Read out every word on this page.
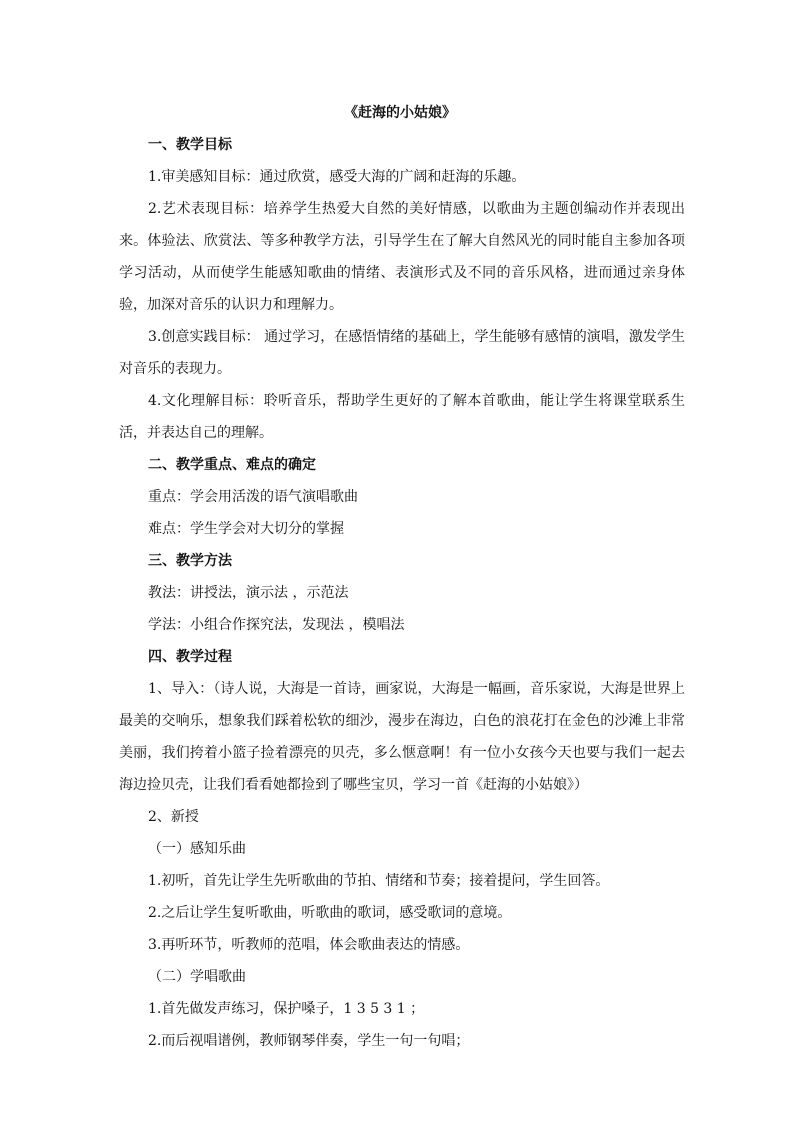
《赶海的小姑娘》

一、教学目标

1.审美感知目标：通过欣赏，感受大海的广阔和赶海的乐趣。

2.艺术表现目标：培养学生热爱大自然的美好情感，以歌曲为主题创编动作并表现出来。体验法、欣赏法、等多种教学方法，引导学生在了解大自然风光的同时能自主参加各项学习活动，从而使学生能感知歌曲的情绪、表演形式及不同的音乐风格，进而通过亲身体验，加深对音乐的认识力和理解力。

3.创意实践目标： 通过学习，在感悟情绪的基础上，学生能够有感情的演唱，激发学生对音乐的表现力。

4.文化理解目标：聆听音乐，帮助学生更好的了解本首歌曲，能让学生将课堂联系生活，并表达自己的理解。

二、教学重点、难点的确定

重点：学会用活泼的语气演唱歌曲

难点：学生学会对大切分的掌握

三、教学方法

教法：讲授法，演示法 ，示范法

学法：小组合作探究法，发现法 ，模唱法

四、教学过程

1、导入：（诗人说，大海是一首诗，画家说，大海是一幅画，音乐家说，大海是世界上最美的交响乐，想象我们踩着松软的细沙，漫步在海边，白色的浪花打在金色的沙滩上非常美丽，我们挎着小篮子捡着漂亮的贝壳，多么惬意啊！有一位小女孩今天也要与我们一起去海边捡贝壳，让我们看看她都捡到了哪些宝贝，学习一首《赶海的小姑娘》）

2、新授

（一）感知乐曲

1.初听，首先让学生先听歌曲的节拍、情绪和节奏；接着提问，学生回答。

2.之后让学生复听歌曲，听歌曲的歌词，感受歌词的意境。

3.再听环节，听教师的范唱，体会歌曲表达的情感。

（二）学唱歌曲

1.首先做发声练习，保护嗓子，1 3 5 3 1 ；

2.而后视唱谱例，教师钢琴伴奏，学生一句一句唱；
